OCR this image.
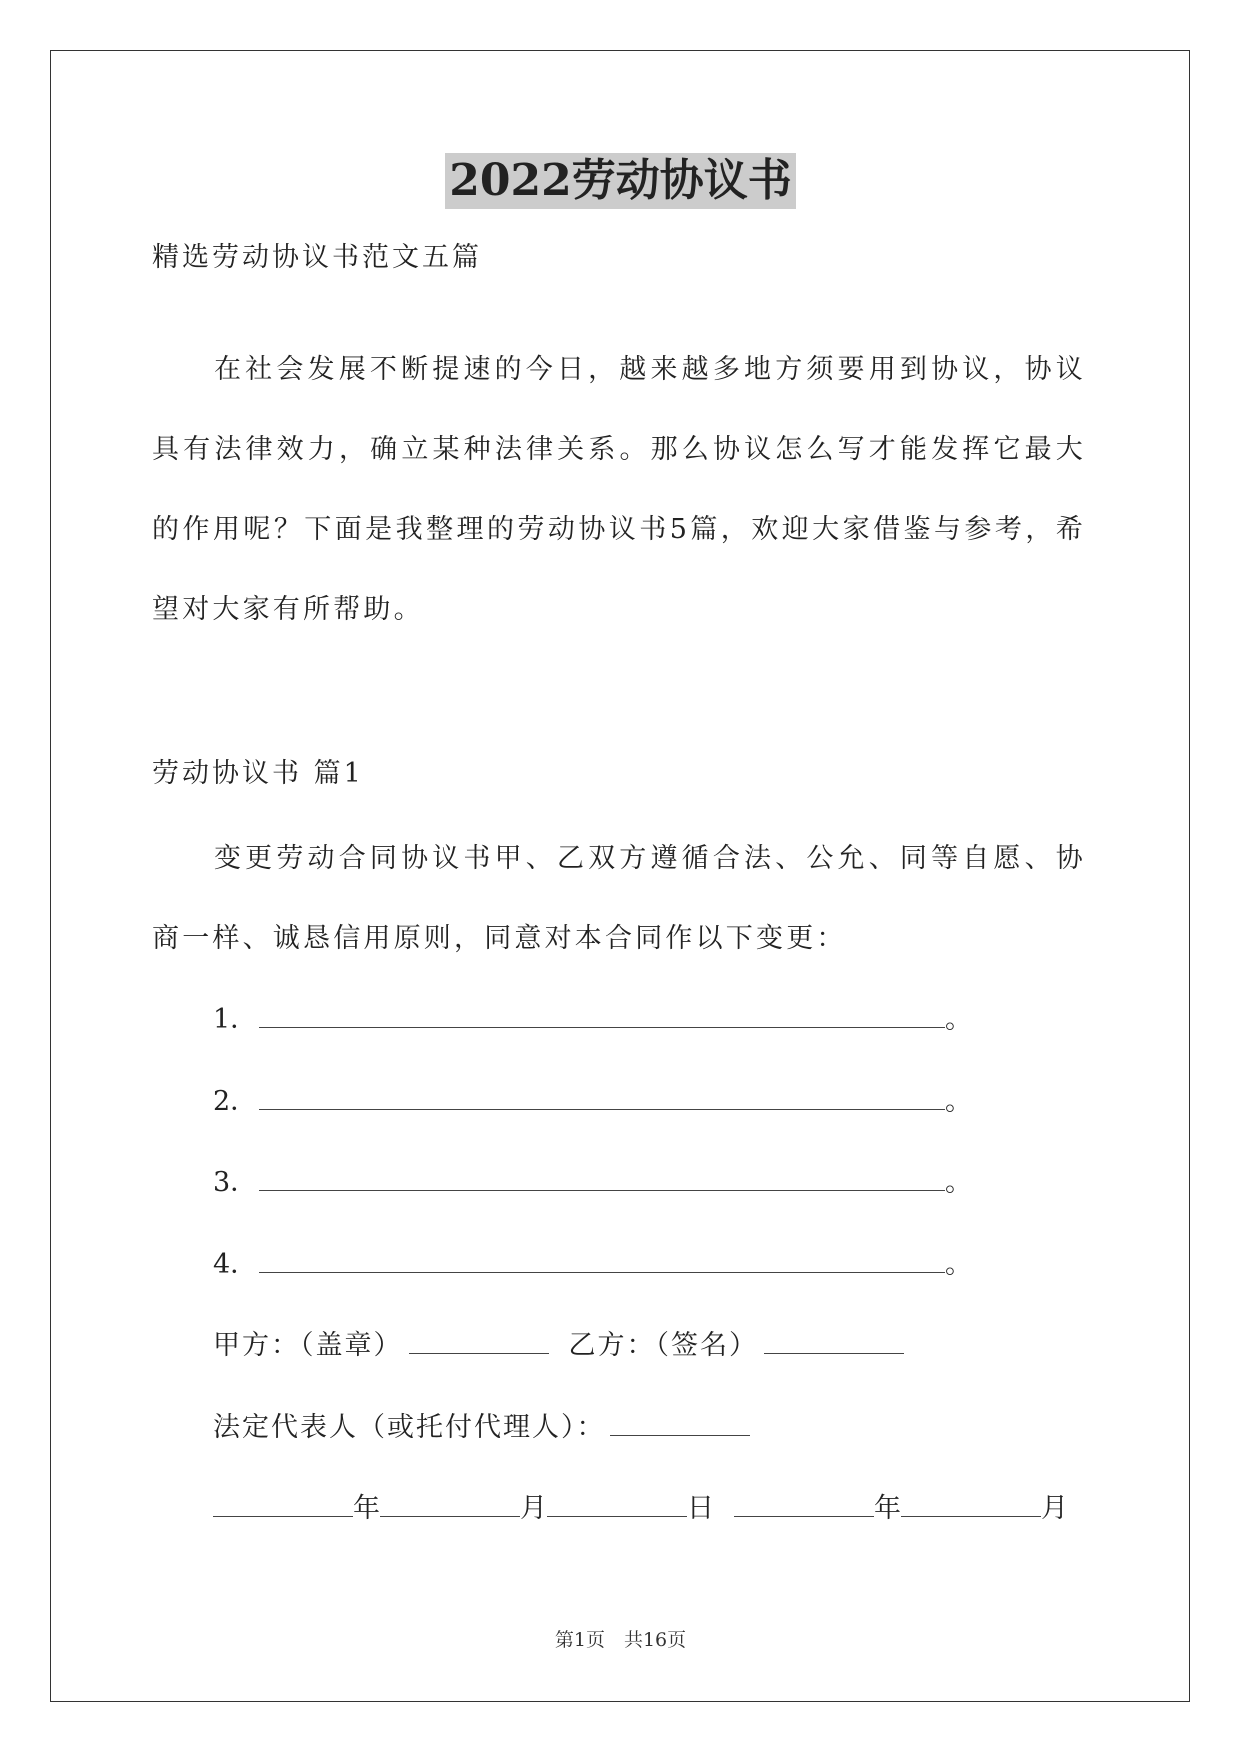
2022劳动协议书
精选劳动协议书范文五篇
在社会发展不断提速的今日，越来越多地方须要用到协议，协议具有法律效力，确立某种法律关系。那么协议怎么写才能发挥它最大的作用呢？下面是我整理的劳动协议书5篇，欢迎大家借鉴与参考，希望对大家有所帮助。
劳动协议书 篇1
变更劳动合同协议书甲、乙双方遵循合法、公允、同等自愿、协商一样、诚恳信用原则，同意对本合同作以下变更：
1．	。
2．	。
3．	。
4．	。
甲方：（盖章）	乙方：（签名）
法定代表人（或托付代理人）：
年	月	日	年	月
第1页　共16页
